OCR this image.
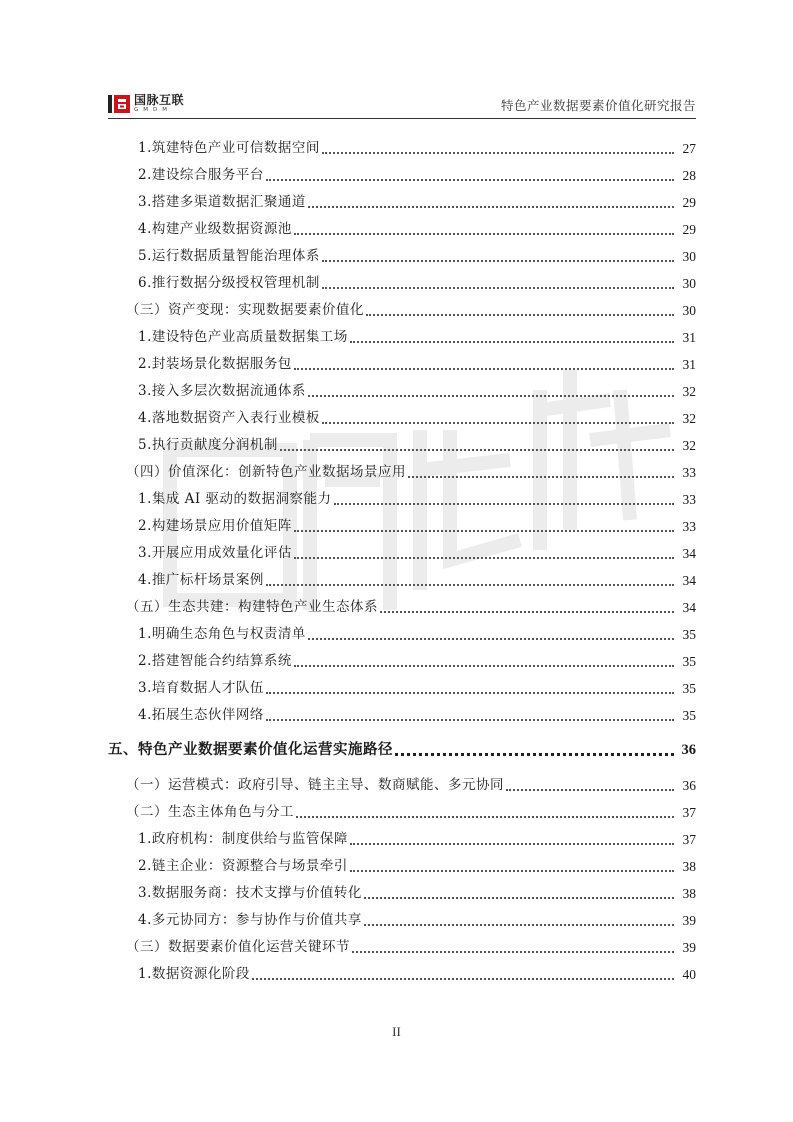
国脉互联
GMDM	特色产业数据要素价值化研究报告
1.筑建特色产业可信数据空间	27
2.建设综合服务平台	28
3.搭建多渠道数据汇聚通道	29
4.构建产业级数据资源池	29
5.运行数据质量智能治理体系	30
6.推行数据分级授权管理机制	30
（三）资产变现：实现数据要素价值化	30
1.建设特色产业高质量数据集工场	31
2.封装场景化数据服务包	31
3.接入多层次数据流通体系	32
4.落地数据资产入表行业模板	32
5.执行贡献度分润机制	32
（四）价值深化：创新特色产业数据场景应用	33
1.集成 AI 驱动的数据洞察能力	33
2.构建场景应用价值矩阵	33
3.开展应用成效量化评估	34
4.推广标杆场景案例	34
（五）生态共建：构建特色产业生态体系	34
1.明确生态角色与权责清单	35
2.搭建智能合约结算系统	35
3.培育数据人才队伍	35
4.拓展生态伙伴网络	35
五、特色产业数据要素价值化运营实施路径	36
（一）运营模式：政府引导、链主主导、数商赋能、多元协同	36
（二）生态主体角色与分工	37
1.政府机构：制度供给与监管保障	37
2.链主企业：资源整合与场景牵引	38
3.数据服务商：技术支撑与价值转化	38
4.多元协同方：参与协作与价值共享	39
（三）数据要素价值化运营关键环节	39
1.数据资源化阶段	40
II
